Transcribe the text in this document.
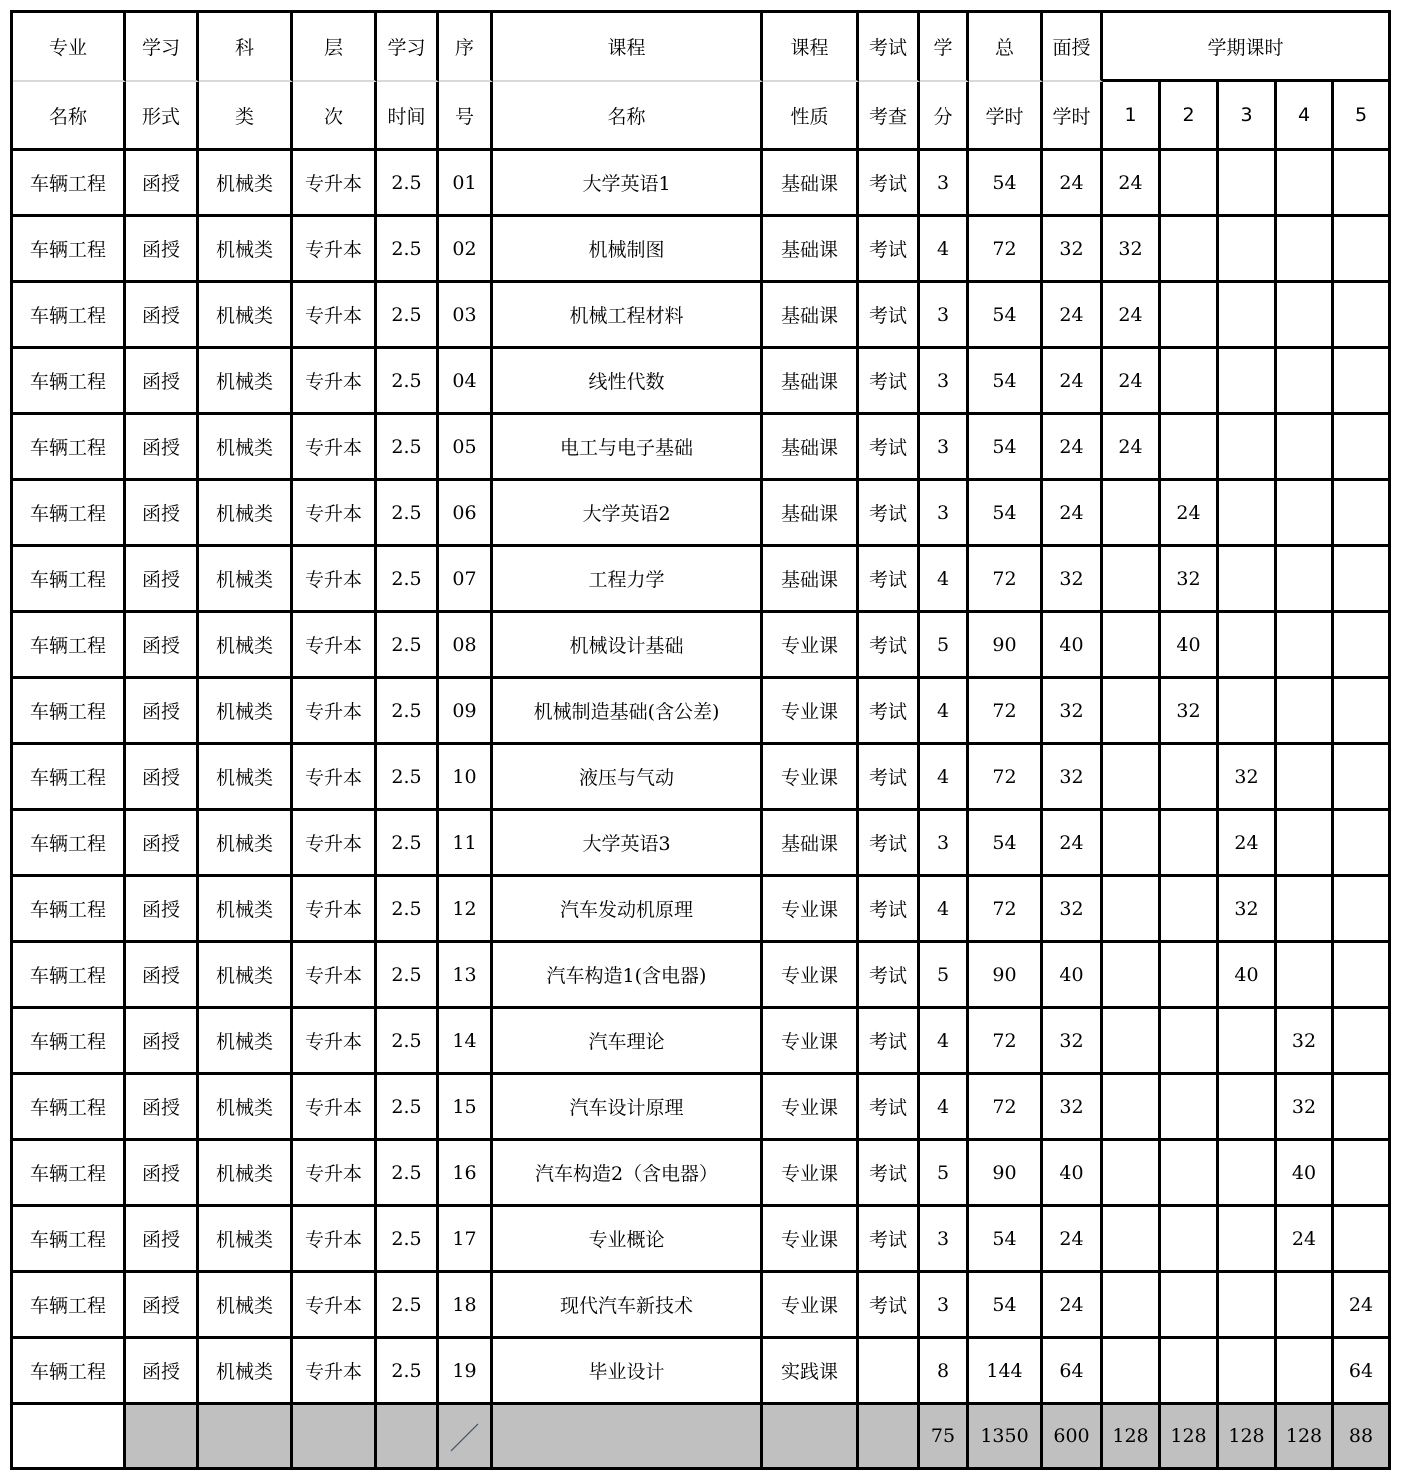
专业	学习	科	层	学习	序	课程	课程	考试	学	总	面授	学期课时				
名称	形式	类	次	时间	号	名称	性质	考查	分	学时	学时	1	2	3	4	5
车辆工程	函授	机械类	专升本	2.5	01	大学英语1	基础课	考试	3	54	24	24				
车辆工程	函授	机械类	专升本	2.5	02	机械制图	基础课	考试	4	72	32	32				
车辆工程	函授	机械类	专升本	2.5	03	机械工程材料	基础课	考试	3	54	24	24				
车辆工程	函授	机械类	专升本	2.5	04	线性代数	基础课	考试	3	54	24	24				
车辆工程	函授	机械类	专升本	2.5	05	电工与电子基础	基础课	考试	3	54	24	24				
车辆工程	函授	机械类	专升本	2.5	06	大学英语2	基础课	考试	3	54	24		24			
车辆工程	函授	机械类	专升本	2.5	07	工程力学	基础课	考试	4	72	32		32			
车辆工程	函授	机械类	专升本	2.5	08	机械设计基础	专业课	考试	5	90	40		40			
车辆工程	函授	机械类	专升本	2.5	09	机械制造基础(含公差)	专业课	考试	4	72	32		32			
车辆工程	函授	机械类	专升本	2.5	10	液压与气动	专业课	考试	4	72	32			32		
车辆工程	函授	机械类	专升本	2.5	11	大学英语3	基础课	考试	3	54	24			24		
车辆工程	函授	机械类	专升本	2.5	12	汽车发动机原理	专业课	考试	4	72	32			32		
车辆工程	函授	机械类	专升本	2.5	13	汽车构造1(含电器)	专业课	考试	5	90	40			40		
车辆工程	函授	机械类	专升本	2.5	14	汽车理论	专业课	考试	4	72	32				32	
车辆工程	函授	机械类	专升本	2.5	15	汽车设计原理	专业课	考试	4	72	32				32	
车辆工程	函授	机械类	专升本	2.5	16	汽车构造2（含电器）	专业课	考试	5	90	40				40	
车辆工程	函授	机械类	专升本	2.5	17	专业概论	专业课	考试	3	54	24				24	
车辆工程	函授	机械类	专升本	2.5	18	现代汽车新技术	专业课	考试	3	54	24					24
车辆工程	函授	机械类	专升本	2.5	19	毕业设计	实践课		8	144	64					64
					／				75	1350	600	128	128	128	128	88
